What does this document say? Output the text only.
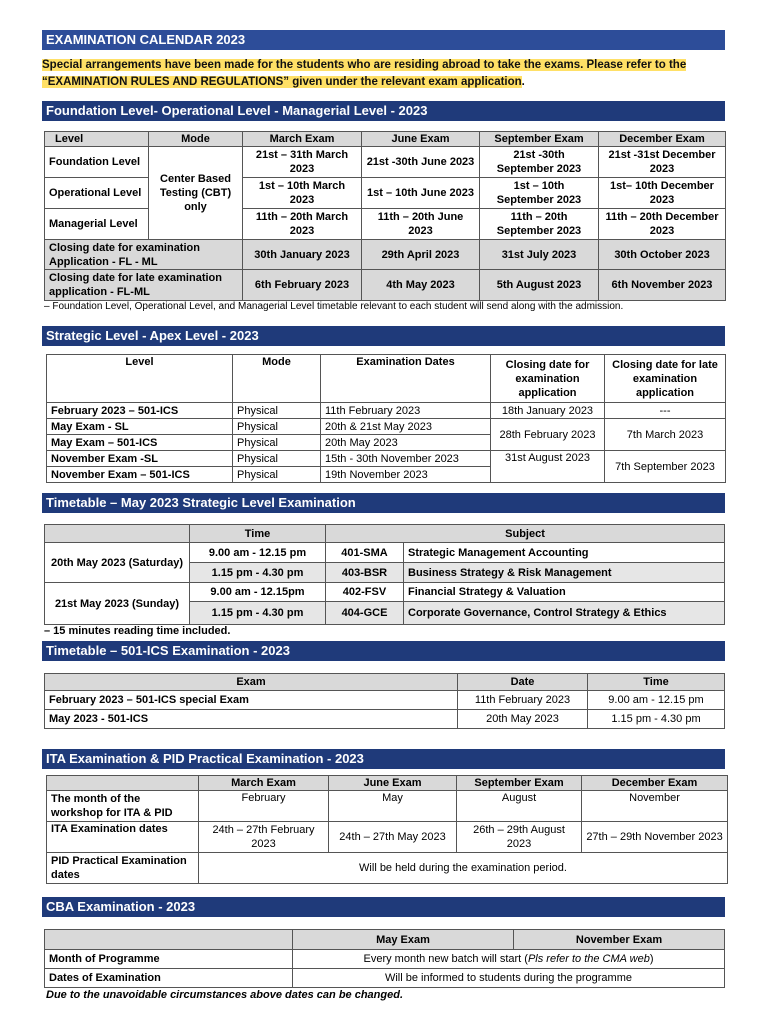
EXAMINATION CALENDAR 2023
Special arrangements have been made for the students who are residing abroad to take the exams. Please refer to the
“EXAMINATION RULES AND REGULATIONS” given under the relevant exam application.
Foundation Level- Operational Level - Managerial Level - 2023
Level	Mode	March Exam	June Exam	September Exam	December Exam
Foundation Level	Center Based Testing (CBT) only	21st – 31th March 2023	21st -30th June 2023	21st -30th September 2023	21st -31st December 2023
Operational Level		1st – 10th March 2023	1st – 10th June 2023	1st – 10th September 2023	1st– 10th December 2023
Managerial Level		11th – 20th March 2023	11th – 20th June 2023	11th – 20th September 2023	11th – 20th December 2023
Closing date for examination Application - FL - ML		30th January 2023	29th April 2023	31st July 2023	30th October 2023
Closing date for late examination application - FL-ML		6th February 2023	4th May 2023	5th August 2023	6th November 2023
– Foundation Level, Operational Level, and Managerial Level timetable relevant to each student will send along with the admission.
Strategic Level - Apex Level - 2023
Level	Mode	Examination Dates	Closing date for examination application	Closing date for late examination application
February 2023 – 501-ICS	Physical	11th February 2023	18th January 2023	---
May Exam - SL	Physical	20th & 21st May 2023	28th February 2023	7th March 2023
May Exam – 501-ICS	Physical	20th May 2023		
November Exam -SL	Physical	15th - 30th November 2023	31st August 2023	7th September 2023
November Exam – 501-ICS	Physical	19th November 2023		
Timetable – May 2023 Strategic Level Examination
	Time	Subject	
20th May 2023 (Saturday)	9.00 am - 12.15 pm	401-SMA	Strategic Management Accounting
	1.15 pm - 4.30 pm	403-BSR	Business Strategy & Risk Management
21st May 2023 (Sunday)	9.00 am - 12.15pm	402-FSV	Financial Strategy & Valuation
	1.15 pm - 4.30 pm	404-GCE	Corporate Governance, Control Strategy & Ethics
– 15 minutes reading time included.
Timetable – 501-ICS Examination - 2023
Exam	Date	Time
February 2023 – 501-ICS special Exam	11th February 2023	9.00 am - 12.15 pm
May 2023 - 501-ICS	20th May 2023	1.15 pm - 4.30 pm
ITA Examination & PID Practical Examination - 2023
	March Exam	June Exam	September Exam	December Exam
The month of the workshop for ITA & PID	February	May	August	November
ITA Examination dates	24th – 27th February 2023	24th – 27th May 2023	26th – 29th August 2023	27th – 29th November 2023
PID Practical Examination dates	Will be held during the examination period.			
CBA Examination - 2023
	May Exam	November Exam
Month of Programme	Every month new batch will start (Pls refer to the CMA web)	
Dates of Examination	Will be informed to students during the programme	
Due to the unavoidable circumstances above dates can be changed.
